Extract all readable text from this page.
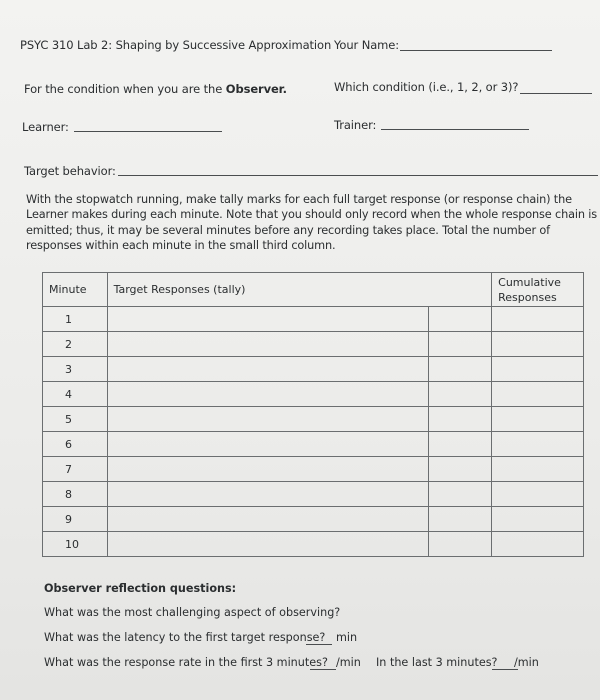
PSYC 310 Lab 2: Shaping by Successive Approximation Your Name:
For the condition when you are the Observer.	Which condition (i.e., 1, 2, or 3)?
Learner:	Trainer:
Target behavior:
With the stopwatch running, make tally marks for each full target response (or response chain) the
Learner makes during each minute. Note that you should only record when the whole response chain is
emitted; thus, it may be several minutes before any recording takes place. Total the number of
responses within each minute in the small third column.
Minute	Target Responses (tally)		Cumulative
Responses

1			
2			
3			
4			
5			
6			
7			
8			
9			
10			
Observer reflection questions:
What was the most challenging aspect of observing?
What was the latency to the first target response? min
What was the response rate in the first 3 minutes? /min In the last 3 minutes? /min
